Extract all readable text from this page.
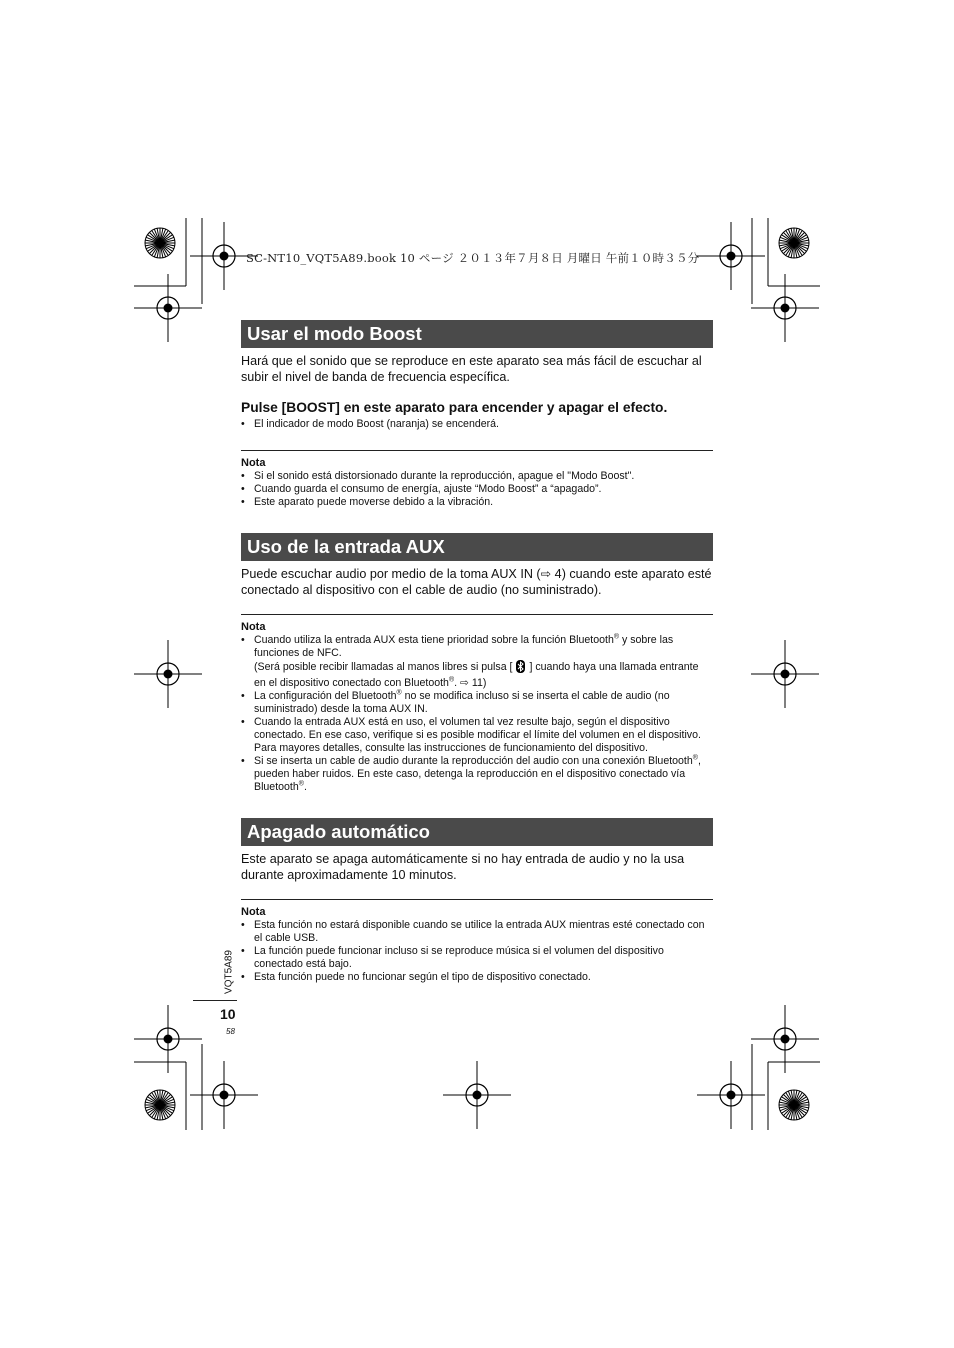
SC-NT10_VQT5A89.book 10 ページ ２０１３年７月８日 月曜日 午前１０時３５分
Usar el modo Boost

Hará que el sonido que se reproduce en este aparato sea más fácil de escuchar al subir el nivel de banda de frecuencia específica.

Pulse [BOOST] en este aparato para encender y apagar el efecto.

• El indicador de modo Boost (naranja) se encenderá.
Nota
• Si el sonido está distorsionado durante la reproducción, apague el "Modo Boost".
• Cuando guarda el consumo de energía, ajuste “Modo Boost” a “apagado”.
• Este aparato puede moverse debido a la vibración.
Uso de la entrada AUX

Puede escuchar audio por medio de la toma AUX IN (⇨ 4) cuando este aparato esté conectado al dispositivo con el cable de audio (no suministrado).

Nota
• Cuando utiliza la entrada AUX esta tiene prioridad sobre la función Bluetooth® y sobre las funciones de NFC.
(Será posible recibir llamadas al manos libres si pulsa [ ] cuando haya una llamada entrante en el dispositivo conectado con Bluetooth®. ⇨ 11)
• La configuración del Bluetooth® no se modifica incluso si se inserta el cable de audio (no suministrado) desde la toma AUX IN.
• Cuando la entrada AUX está en uso, el volumen tal vez resulte bajo, según el dispositivo conectado. En ese caso, verifique si es posible modificar el límite del volumen en el dispositivo. Para mayores detalles, consulte las instrucciones de funcionamiento del dispositivo.
• Si se inserta un cable de audio durante la reproducción del audio con una conexión Bluetooth®, pueden haber ruidos. En este caso, detenga la reproducción en el dispositivo conectado vía Bluetooth®.
Apagado automático

Este aparato se apaga automáticamente si no hay entrada de audio y no la usa durante aproximadamente 10 minutos.

Nota
• Esta función no estará disponible cuando se utilice la entrada AUX mientras esté conectado con el cable USB.
• La función puede funcionar incluso si se reproduce música si el volumen del dispositivo conectado está bajo.
• Esta función puede no funcionar según el tipo de dispositivo conectado.
VQT5A89
10
58
